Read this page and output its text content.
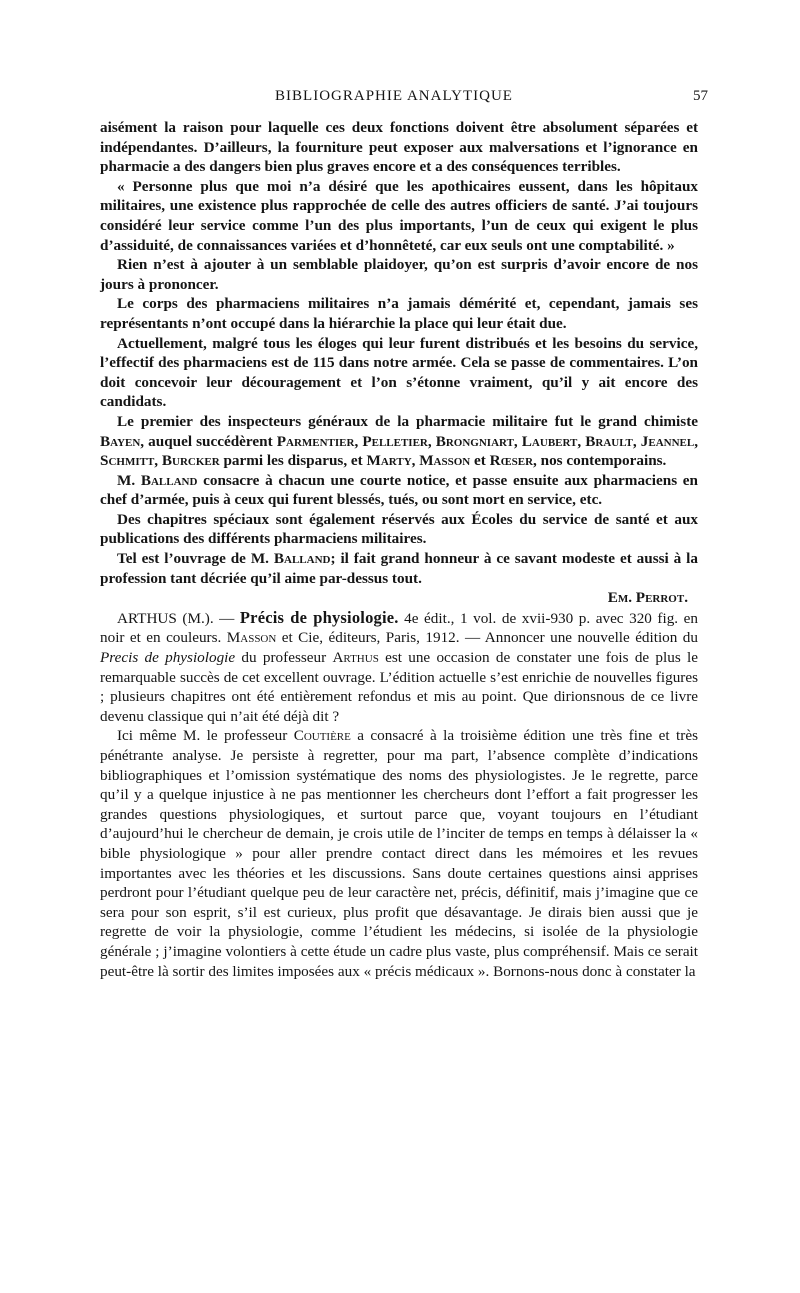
BIBLIOGRAPHIE ANALYTIQUE	57

aisément la raison pour laquelle ces deux fonctions doivent être absolument séparées et indépendantes. D’ailleurs, la fourniture peut exposer aux malversations et l’ignorance en pharmacie a des dangers bien plus graves encore et a des conséquences terribles.

« Personne plus que moi n’a désiré que les apothicaires eussent, dans les hôpitaux militaires, une existence plus rapprochée de celle des autres officiers de santé. J’ai toujours considéré leur service comme l’un des plus importants, l’un de ceux qui exigent le plus d’assiduité, de connaissances variées et d’honnêteté, car eux seuls ont une comptabilité. »

Rien n’est à ajouter à un semblable plaidoyer, qu’on est surpris d’avoir encore de nos jours à prononcer.

Le corps des pharmaciens militaires n’a jamais démérité et, cependant, jamais ses représentants n’ont occupé dans la hiérarchie la place qui leur était due.

Actuellement, malgré tous les éloges qui leur furent distribués et les besoins du service, l’effectif des pharmaciens est de 115 dans notre armée. Cela se passe de commentaires. L’on doit concevoir leur découragement et l’on s’étonne vraiment, qu’il y ait encore des candidats.

Le premier des inspecteurs généraux de la pharmacie militaire fut le grand chimiste Bayen, auquel succédèrent Parmentier, Pelletier, Brongniart, Laubert, Brault, Jeannel, Schmitt, Burcker parmi les disparus, et Marty, Masson et Rœser, nos contemporains.

M. Balland consacre à chacun une courte notice, et passe ensuite aux pharmaciens en chef d’armée, puis à ceux qui furent blessés, tués, ou sont mort en service, etc.

Des chapitres spéciaux sont également réservés aux Écoles du service de santé et aux publications des différents pharmaciens militaires.

Tel est l’ouvrage de M. Balland; il fait grand honneur à ce savant modeste et aussi à la profession tant décriée qu’il aime par-dessus tout.

Em. Perrot.

ARTHUS (M.). — Précis de physiologie. 4e édit., 1 vol. de xvii-930 p. avec 320 fig. en noir et en couleurs. Masson et Cie, éditeurs, Paris, 1912. — Annoncer une nouvelle édition du Precis de physiologie du professeur Arthus est une occasion de constater une fois de plus le remarquable succès de cet excellent ouvrage. L’édition actuelle s’est enrichie de nouvelles figures ; plusieurs chapitres ont été entièrement refondus et mis au point. Que dirionsnous de ce livre devenu classique qui n’ait été déjà dit ?

Ici même M. le professeur Coutière a consacré à la troisième édition une très fine et très pénétrante analyse. Je persiste à regretter, pour ma part, l’absence complète d’indications bibliographiques et l’omission systématique des noms des physiologistes. Je le regrette, parce qu’il y a quelque injustice à ne pas mentionner les chercheurs dont l’effort a fait progresser les grandes questions physiologiques, et surtout parce que, voyant toujours en l’étudiant d’aujourd’hui le chercheur de demain, je crois utile de l’inciter de temps en temps à délaisser la « bible physiologique » pour aller prendre contact direct dans les mémoires et les revues importantes avec les théories et les discussions. Sans doute certaines questions ainsi apprises perdront pour l’étudiant quelque peu de leur caractère net, précis, définitif, mais j’imagine que ce sera pour son esprit, s’il est curieux, plus profit que désavantage. Je dirais bien aussi que je regrette de voir la physiologie, comme l’étudient les médecins, si isolée de la physiologie générale ; j’imagine volontiers à cette étude un cadre plus vaste, plus compréhensif. Mais ce serait peut-être là sortir des limites imposées aux « précis médicaux ». Bornons-nous donc à constater la
